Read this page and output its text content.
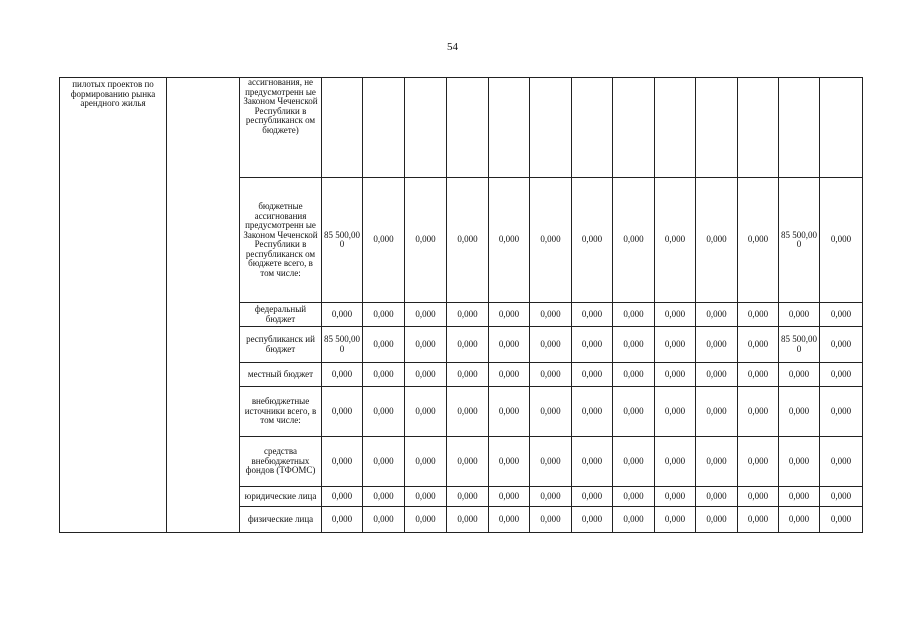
54
пилотых проектов по формированию рынка арендного жилья		ассигнования, не предусмотренн ые Законом Чеченской Республики в республиканск ом бюджете)													
		бюджетные ассигнования предусмотренн ые Законом Чеченской Республики в республиканск ом бюджете всего, в том числе:	85 500,00 0	0,000	0,000	0,000	0,000	0,000	0,000	0,000	0,000	0,000	0,000	85 500,00 0	0,000
		федеральный бюджет	0,000	0,000	0,000	0,000	0,000	0,000	0,000	0,000	0,000	0,000	0,000	0,000	0,000
		республиканск ий бюджет	85 500,00 0	0,000	0,000	0,000	0,000	0,000	0,000	0,000	0,000	0,000	0,000	85 500,00 0	0,000
		местный бюджет	0,000	0,000	0,000	0,000	0,000	0,000	0,000	0,000	0,000	0,000	0,000	0,000	0,000
		внебюджетные источники всего, в том числе:	0,000	0,000	0,000	0,000	0,000	0,000	0,000	0,000	0,000	0,000	0,000	0,000	0,000
		средства внебюджетных фондов (ТФОМС)	0,000	0,000	0,000	0,000	0,000	0,000	0,000	0,000	0,000	0,000	0,000	0,000	0,000
		юридические лица	0,000	0,000	0,000	0,000	0,000	0,000	0,000	0,000	0,000	0,000	0,000	0,000	0,000
		физические лица	0,000	0,000	0,000	0,000	0,000	0,000	0,000	0,000	0,000	0,000	0,000	0,000	0,000
